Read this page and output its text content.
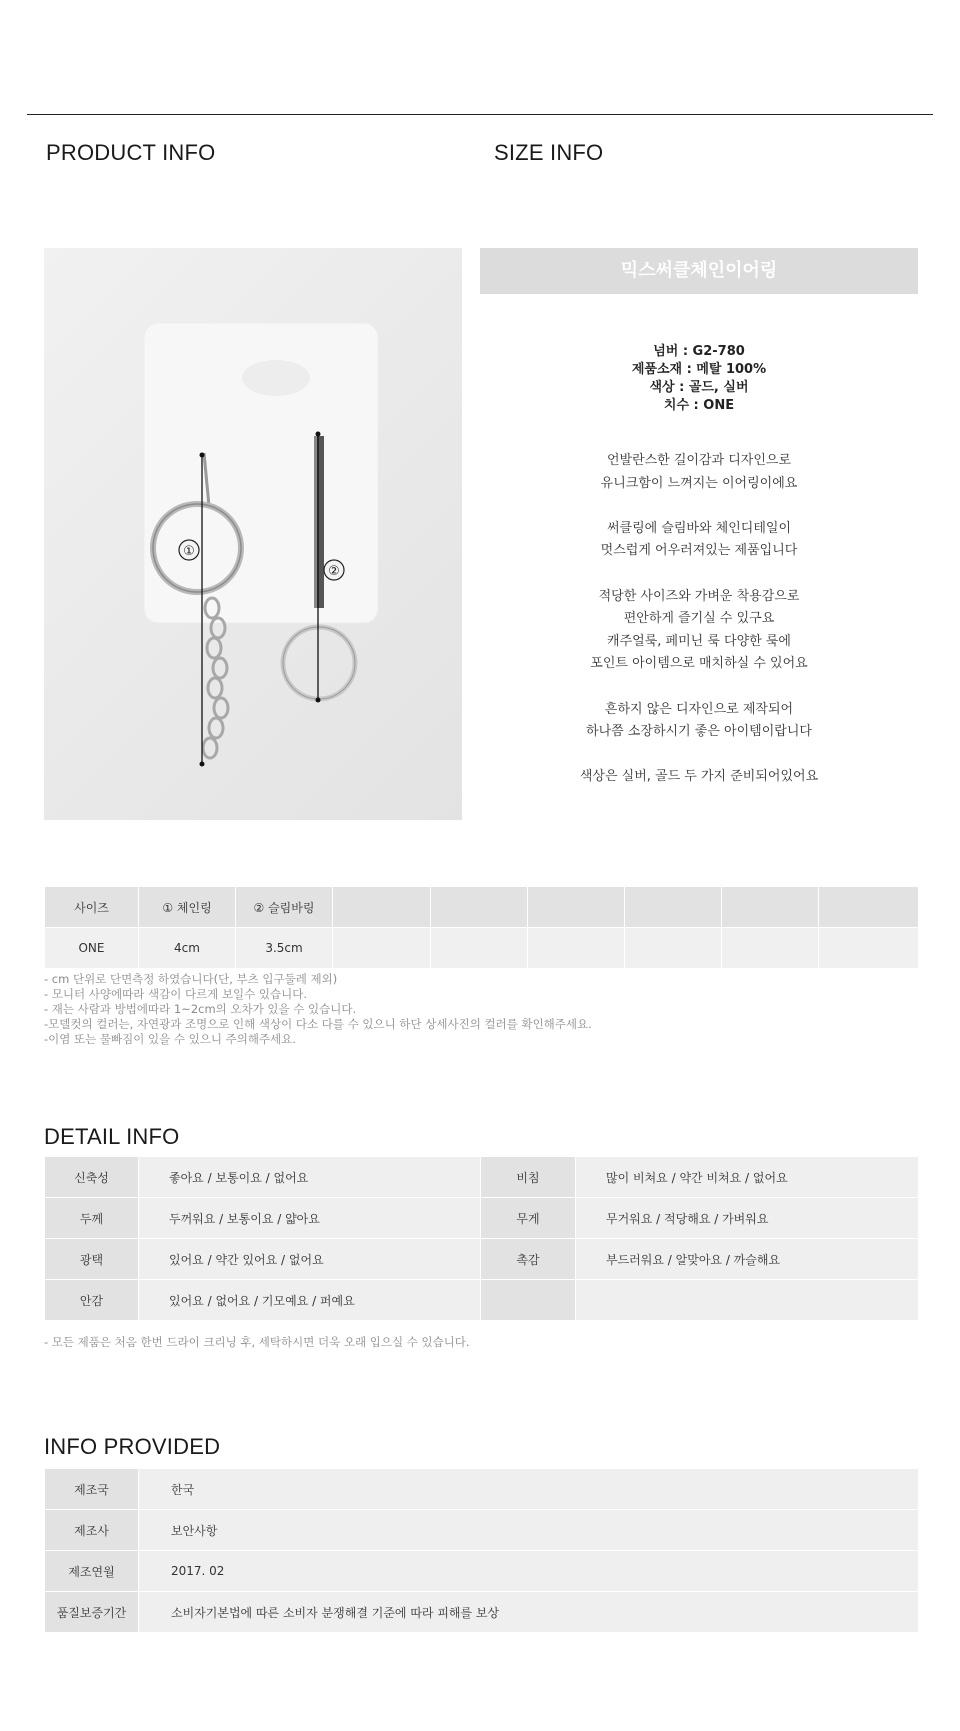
PRODUCT INFO	SIZE INFO
①
②
믹스써클체인이어링
넘버 : G2-780
제품소재 : 메탈 100%
색상 : 골드, 실버
치수 : ONE
언발란스한 길이감과 디자인으로
유니크함이 느껴지는 이어링이에요
써클링에 슬림바와 체인디테일이
멋스럽게 어우러져있는 제품입니다
적당한 사이즈와 가벼운 착용감으로
편안하게 즐기실 수 있구요
캐주얼룩, 페미닌 룩 다양한 룩에
포인트 아이템으로 매치하실 수 있어요
흔하지 않은 디자인으로 제작되어
하나쯤 소장하시기 좋은 아이템이랍니다
색상은 실버, 골드 두 가지 준비되어있어요
사이즈	① 체인링	② 슬림바링						
ONE	4cm	3.5cm						
- cm 단위로 단면측정 하였습니다(단, 부츠 입구둘레 제외)
- 모니터 사양에따라 색감이 다르게 보일수 있습니다.
- 재는 사람과 방법에따라 1~2cm의 오차가 있을 수 있습니다.
-모델컷의 컬러는, 자연광과 조명으로 인해 색상이 다소 다를 수 있으니 하단 상세사진의 컬러를 확인해주세요.
-이염 또는 물빠짐이 있을 수 있으니 주의해주세요.
DETAIL INFO
신축성	좋아요 / 보통이요 / 없어요	비침	많이 비쳐요 / 약간 비쳐요 / 없어요
두께	두꺼워요 / 보통이요 / 얇아요	무게	무거워요 / 적당해요 / 가벼워요
광택	있어요 / 약간 있어요 / 없어요	촉감	부드러워요 / 알맞아요 / 까슬해요
안감	있어요 / 없어요 / 기모예요 / 퍼예요		
- 모든 제품은 처음 한번 드라이 크리닝 후, 세탁하시면 더욱 오래 입으실 수 있습니다.
INFO PROVIDED
제조국	한국
제조사	보안사항
제조연월	2017. 02
품질보증기간	소비자기본법에 따른 소비자 분쟁해결 기준에 따라 피해를 보상
